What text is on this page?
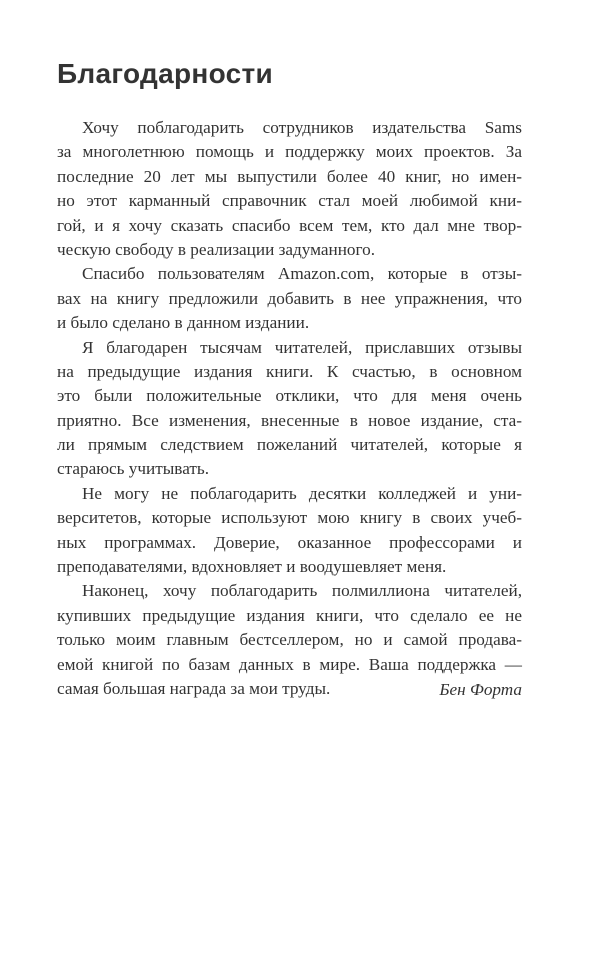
Благодарности
Хочу поблагодарить сотрудников издательства Sams
за многолетнюю помощь и поддержку моих проектов. За
последние 20 лет мы выпустили более 40 книг, но имен-
но этот карманный справочник стал моей любимой кни-
гой, и я хочу сказать спасибо всем тем, кто дал мне твор-
ческую свободу в реализации задуманного.
Спасибо пользователям Amazon.com, которые в отзы-
вах на книгу предложили добавить в нее упражнения, что
и было сделано в данном издании.
Я благодарен тысячам читателей, приславших отзывы
на предыдущие издания книги. К счастью, в основном
это были положительные отклики, что для меня очень
приятно. Все изменения, внесенные в новое издание, ста-
ли прямым следствием пожеланий читателей, которые я
стараюсь учитывать.
Не могу не поблагодарить десятки колледжей и уни-
верситетов, которые используют мою книгу в своих учеб-
ных программах. Доверие, оказанное профессорами и
преподавателями, вдохновляет и воодушевляет меня.
Наконец, хочу поблагодарить полмиллиона читателей,
купивших предыдущие издания книги, что сделало ее не
только моим главным бестселлером, но и самой продава-
емой книгой по базам данных в мире. Ваша поддержка —
самая большая награда за мои труды.	Бен Форта
